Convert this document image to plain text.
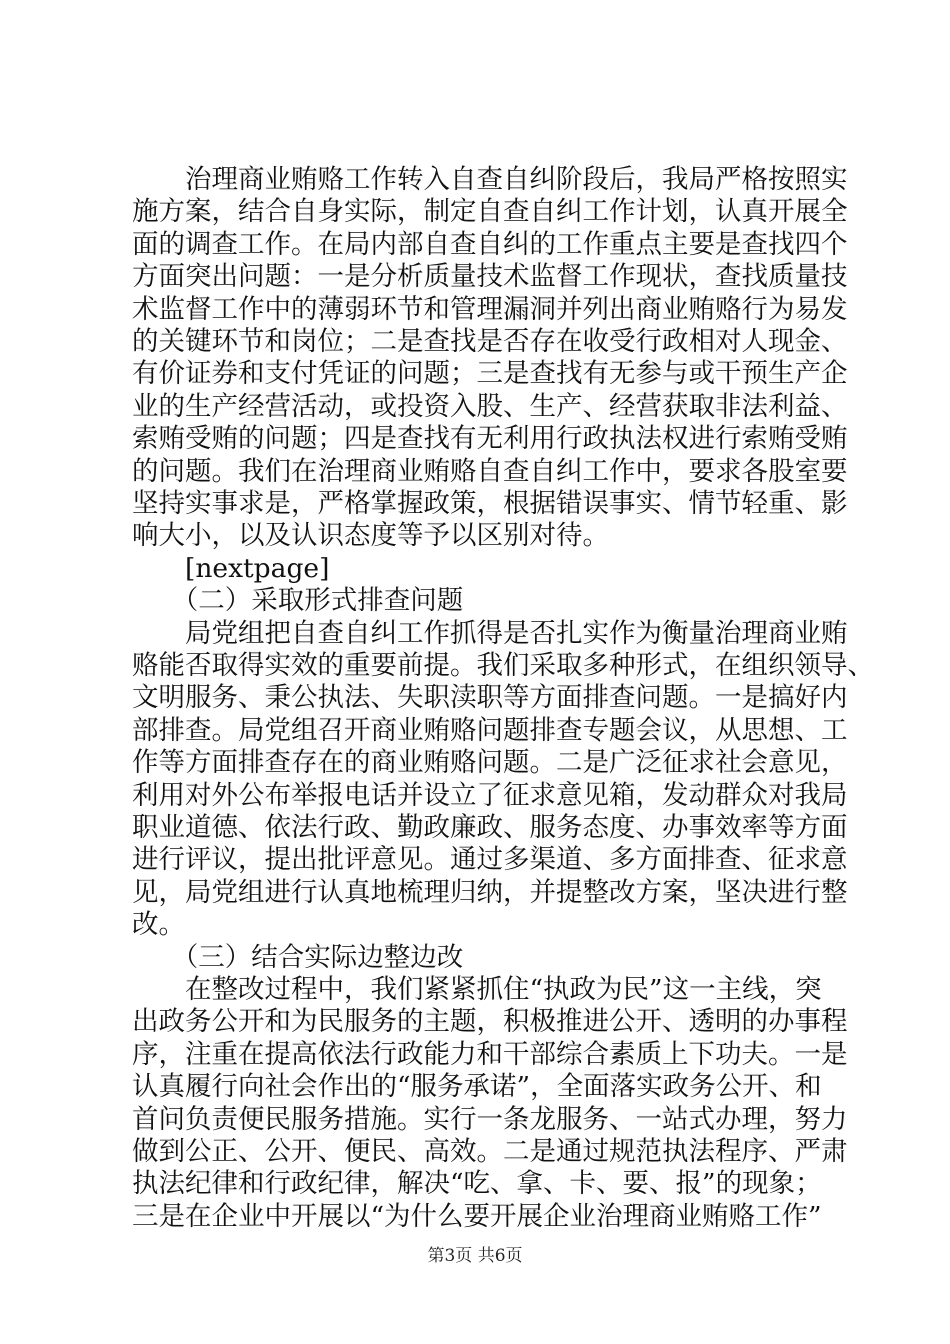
　　治理商业贿赂工作转入自查自纠阶段后，我局严格按照实
施方案，结合自身实际，制定自查自纠工作计划，认真开展全
面的调查工作。在局内部自查自纠的工作重点主要是查找四个
方面突出问题：一是分析质量技术监督工作现状，查找质量技
术监督工作中的薄弱环节和管理漏洞并列出商业贿赂行为易发
的关键环节和岗位；二是查找是否存在收受行政相对人现金、
有价证券和支付凭证的问题；三是查找有无参与或干预生产企
业的生产经营活动，或投资入股、生产、经营获取非法利益、
索贿受贿的问题；四是查找有无利用行政执法权进行索贿受贿
的问题。我们在治理商业贿赂自查自纠工作中，要求各股室要
坚持实事求是，严格掌握政策，根据错误事实、情节轻重、影
响大小，以及认识态度等予以区别对待。
　　[nextpage]
　　（二）采取形式排查问题
　　局党组把自查自纠工作抓得是否扎实作为衡量治理商业贿
赂能否取得实效的重要前提。我们采取多种形式，在组织领导、
文明服务、秉公执法、失职渎职等方面排查问题。一是搞好内
部排查。局党组召开商业贿赂问题排查专题会议，从思想、工
作等方面排查存在的商业贿赂问题。二是广泛征求社会意见，
利用对外公布举报电话并设立了征求意见箱，发动群众对我局
职业道德、依法行政、勤政廉政、服务态度、办事效率等方面
进行评议，提出批评意见。通过多渠道、多方面排查、征求意
见，局党组进行认真地梳理归纳，并提整改方案，坚决进行整
改。
　　（三）结合实际边整边改
　　在整改过程中，我们紧紧抓住“执政为民”这一主线，突
出政务公开和为民服务的主题，积极推进公开、透明的办事程
序，注重在提高依法行政能力和干部综合素质上下功夫。一是
认真履行向社会作出的“服务承诺”，全面落实政务公开、和
首问负责便民服务措施。实行一条龙服务、一站式办理，努力
做到公正、公开、便民、高效。二是通过规范执法程序、严肃
执法纪律和行政纪律，解决“吃、拿、卡、要、报”的现象；
三是在企业中开展以“为什么要开展企业治理商业贿赂工作”
第3页 共6页
